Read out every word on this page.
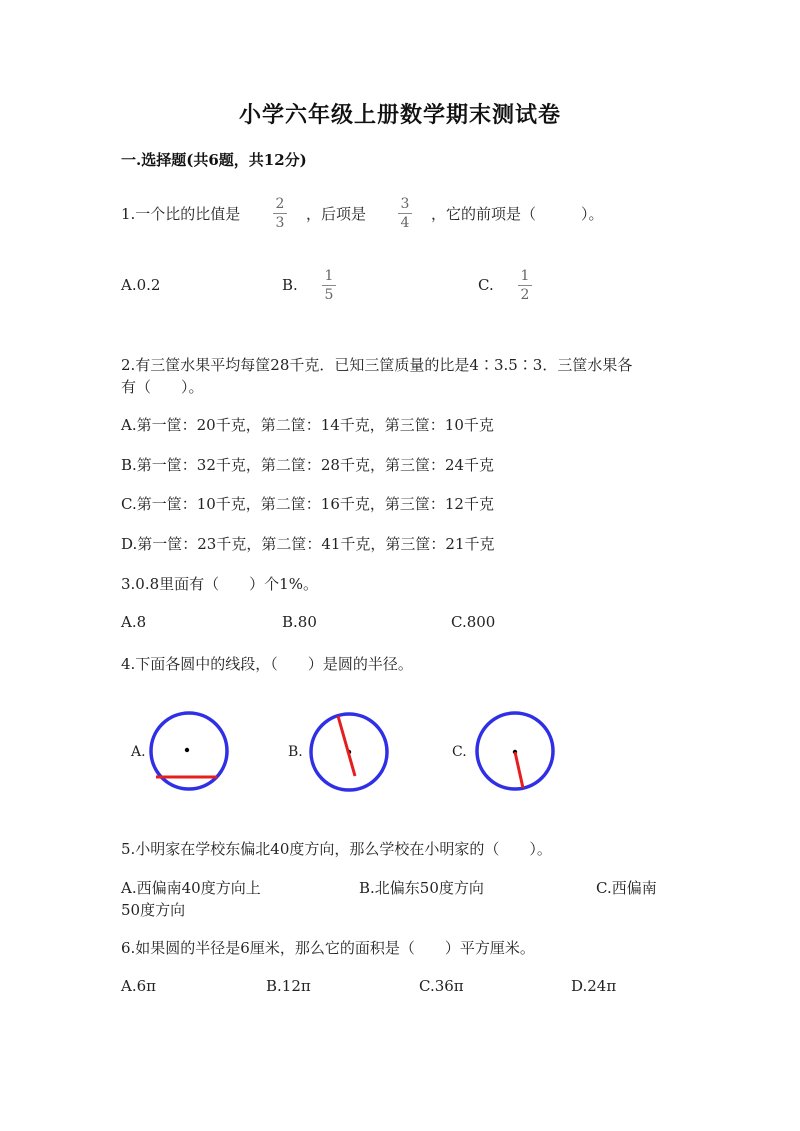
小学六年级上册数学期末测试卷
一.选择题(共6题，共12分)
1.一个比的比值是
2
3	，后项是
3
4	，它的前项是（　　　）。
A.0.2	B.	1
5
C.	1
2
2.有三筐水果平均每筐28千克．已知三筐质量的比是4∶3.5∶3．三筐水果各
有（　　）。
A.第一筐：20千克，第二筐：14千克，第三筐：10千克
B.第一筐：32千克，第二筐：28千克，第三筐：24千克
C.第一筐：10千克，第二筐：16千克，第三筐：12千克
D.第一筐：23千克，第二筐：41千克，第三筐：21千克
3.0.8里面有（　　）个1%。
A.8	B.80	C.800
4.下面各圆中的线段，（　　）是圆的半径。
A.	B.	C.
5.小明家在学校东偏北40度方向，那么学校在小明家的（　　）。
A.西偏南40度方向上	B.北偏东50度方向	C.西偏南
50度方向
6.如果圆的半径是6厘米，那么它的面积是（　　）平方厘米。
A.6π	B.12π	C.36π	D.24π
